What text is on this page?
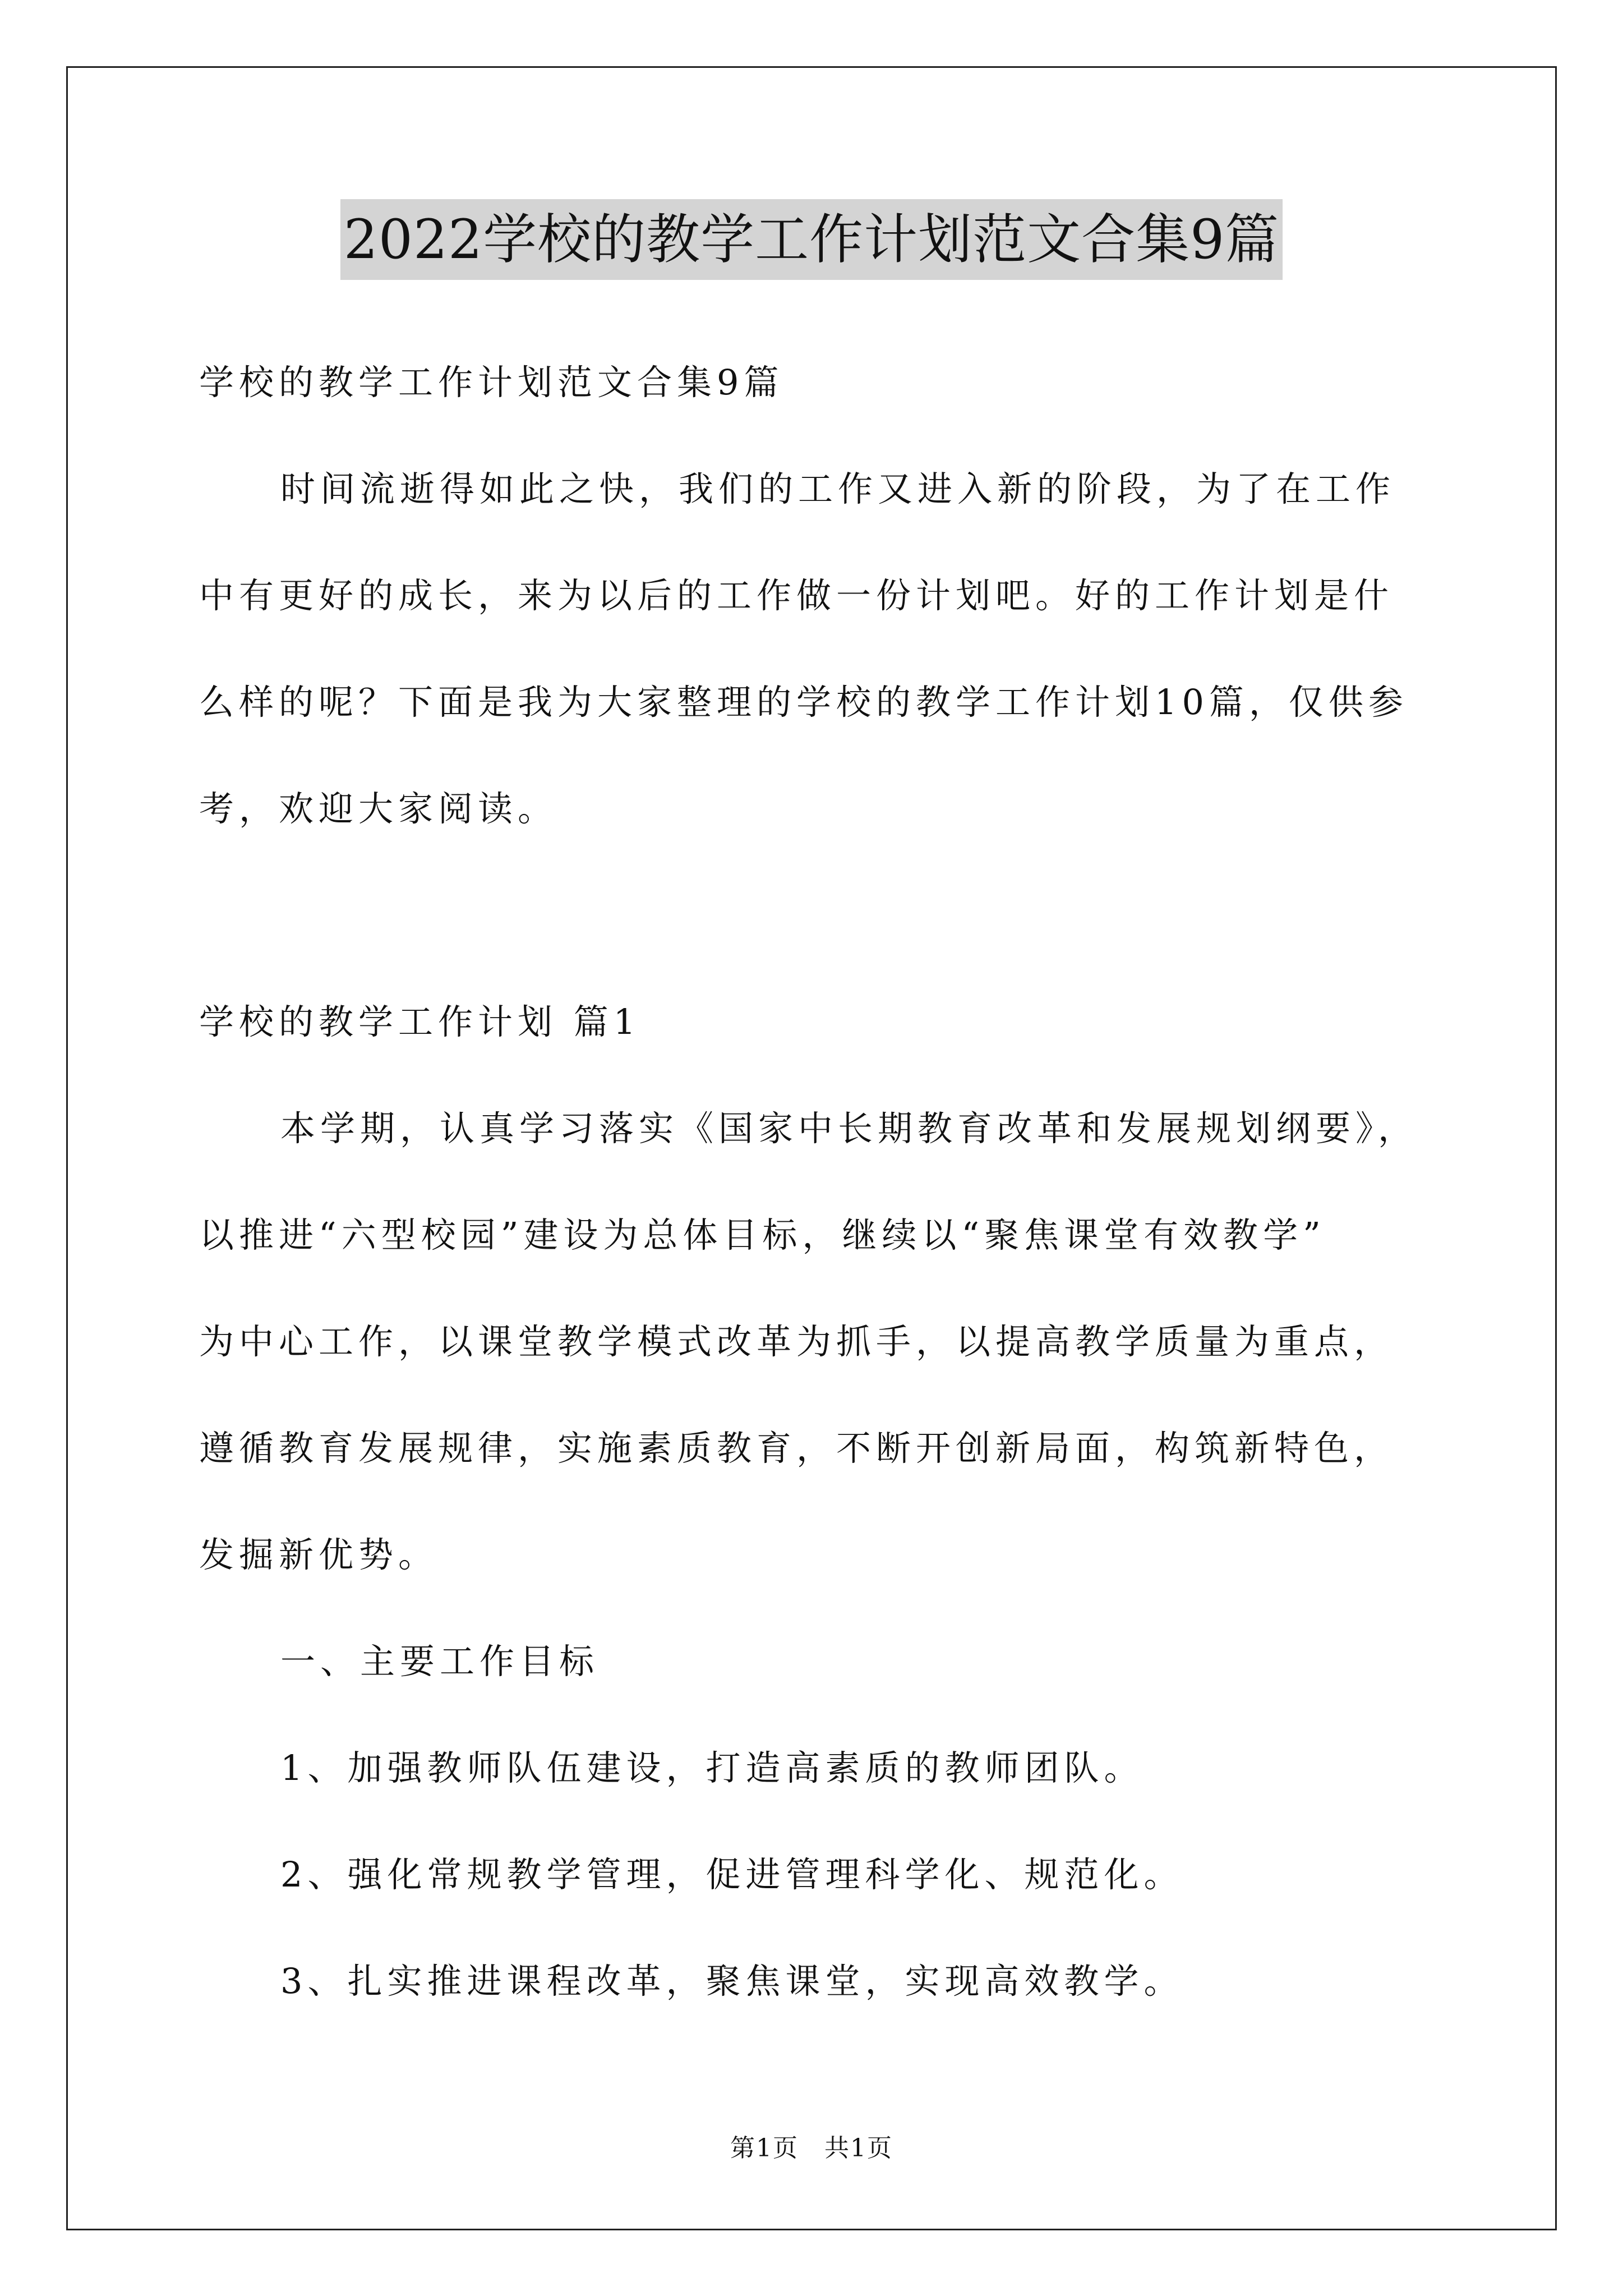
2022学校的教学工作计划范文合集9篇
学校的教学工作计划范文合集9篇
时间流逝得如此之快，我们的工作又进入新的阶段，为了在工作
中有更好的成长，来为以后的工作做一份计划吧。好的工作计划是什
么样的呢？下面是我为大家整理的学校的教学工作计划10篇，仅供参
考，欢迎大家阅读。
学校的教学工作计划 篇1
本学期，认真学习落实《国家中长期教育改革和发展规划纲要》，
以推进“六型校园”建设为总体目标，继续以“聚焦课堂有效教学”
为中心工作，以课堂教学模式改革为抓手，以提高教学质量为重点，
遵循教育发展规律，实施素质教育，不断开创新局面，构筑新特色，
发掘新优势。
一、主要工作目标
1、加强教师队伍建设，打造高素质的教师团队。
2、强化常规教学管理，促进管理科学化、规范化。
3、扎实推进课程改革，聚焦课堂，实现高效教学。
第1页　共1页
